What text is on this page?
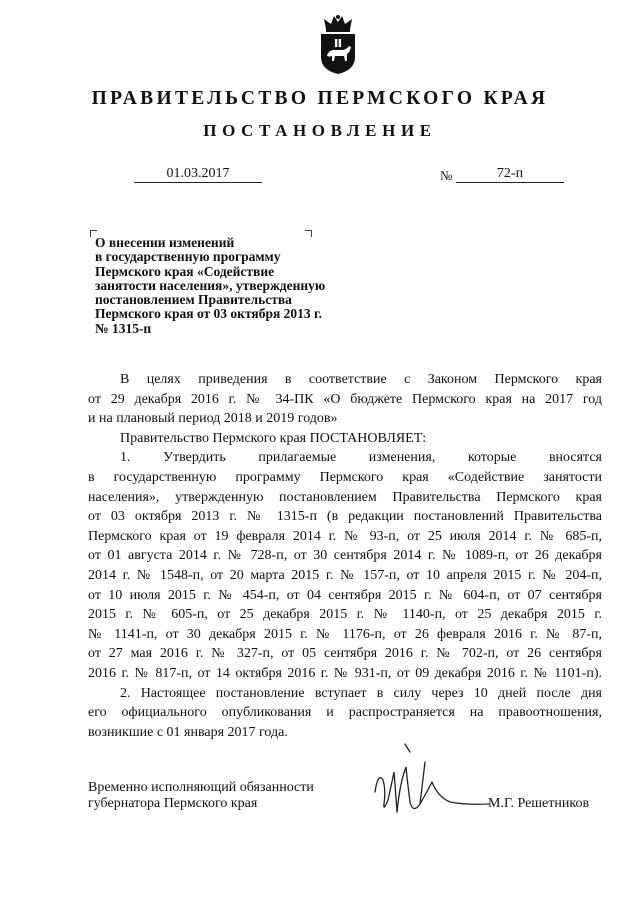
ПРАВИТЕЛЬСТВО ПЕРМСКОГО КРАЯ
ПОСТАНОВЛЕНИЕ
01.03.2017	№	72-п
О внесении изменений
в государственную программу
Пермского края «Содействие
занятости населения», утвержденную
постановлением Правительства
Пермского края от 03 октября 2013 г.
№ 1315-п
В целях приведения в соответствие с Законом Пермского края
от 29 декабря 2016 г. № 34-ПК «О бюджете Пермского края на 2017 год
и на плановый период 2018 и 2019 годов»
Правительство Пермского края ПОСТАНОВЛЯЕТ:
1. Утвердить прилагаемые изменения, которые вносятся
в государственную программу Пермского края «Содействие занятости
населения», утвержденную постановлением Правительства Пермского края
от 03 октября 2013 г. № 1315-п (в редакции постановлений Правительства
Пермского края от 19 февраля 2014 г. № 93-п, от 25 июля 2014 г. № 685-п,
от 01 августа 2014 г. № 728-п, от 30 сентября 2014 г. № 1089-п, от 26 декабря
2014 г. № 1548-п, от 20 марта 2015 г. № 157-п, от 10 апреля 2015 г. № 204-п,
от 10 июля 2015 г. № 454-п, от 04 сентября 2015 г. № 604-п, от 07 сентября
2015 г. № 605-п, от 25 декабря 2015 г. № 1140-п, от 25 декабря 2015 г.
№ 1141-п, от 30 декабря 2015 г. № 1176-п, от 26 февраля 2016 г. № 87-п,
от 27 мая 2016 г. № 327-п, от 05 сентября 2016 г. № 702-п, от 26 сентября
2016 г. № 817-п, от 14 октября 2016 г. № 931-п, от 09 декабря 2016 г. № 1101-п).
2. Настоящее постановление вступает в силу через 10 дней после дня
его официального опубликования и распространяется на правоотношения,
возникшие с 01 января 2017 года.
Временно исполняющий обязанности
губернатора Пермского края	М.Г. Решетников
